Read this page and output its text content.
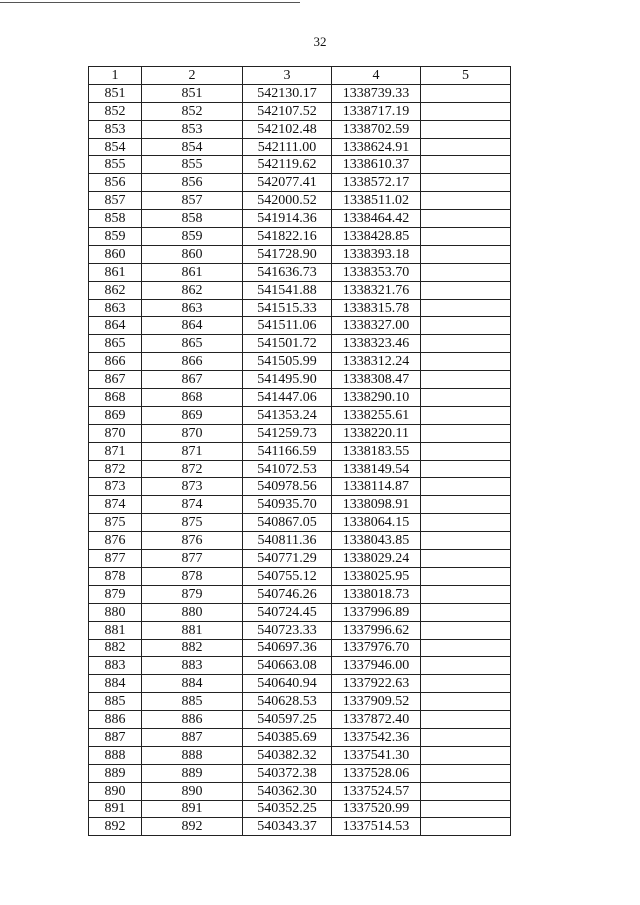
32
1	2	3	4	5
851	851	542130.17	1338739.33	
852	852	542107.52	1338717.19	
853	853	542102.48	1338702.59	
854	854	542111.00	1338624.91	
855	855	542119.62	1338610.37	
856	856	542077.41	1338572.17	
857	857	542000.52	1338511.02	
858	858	541914.36	1338464.42	
859	859	541822.16	1338428.85	
860	860	541728.90	1338393.18	
861	861	541636.73	1338353.70	
862	862	541541.88	1338321.76	
863	863	541515.33	1338315.78	
864	864	541511.06	1338327.00	
865	865	541501.72	1338323.46	
866	866	541505.99	1338312.24	
867	867	541495.90	1338308.47	
868	868	541447.06	1338290.10	
869	869	541353.24	1338255.61	
870	870	541259.73	1338220.11	
871	871	541166.59	1338183.55	
872	872	541072.53	1338149.54	
873	873	540978.56	1338114.87	
874	874	540935.70	1338098.91	
875	875	540867.05	1338064.15	
876	876	540811.36	1338043.85	
877	877	540771.29	1338029.24	
878	878	540755.12	1338025.95	
879	879	540746.26	1338018.73	
880	880	540724.45	1337996.89	
881	881	540723.33	1337996.62	
882	882	540697.36	1337976.70	
883	883	540663.08	1337946.00	
884	884	540640.94	1337922.63	
885	885	540628.53	1337909.52	
886	886	540597.25	1337872.40	
887	887	540385.69	1337542.36	
888	888	540382.32	1337541.30	
889	889	540372.38	1337528.06	
890	890	540362.30	1337524.57	
891	891	540352.25	1337520.99	
892	892	540343.37	1337514.53	
